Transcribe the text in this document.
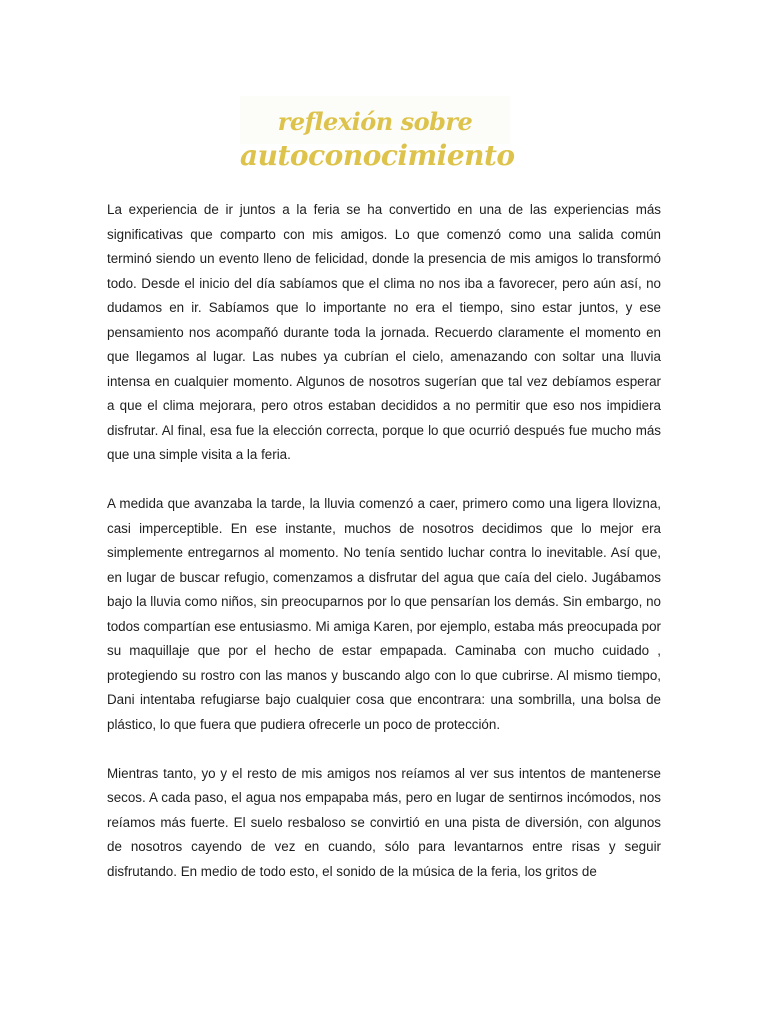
reflexión sobre
autoconocimiento

La experiencia de ir juntos a la feria se ha convertido en una de las experiencias más significativas que comparto con mis amigos. Lo que comenzó como una salida común terminó siendo un evento lleno de felicidad, donde la presencia de mis amigos lo transformó todo. Desde el inicio del día sabíamos que el clima no nos iba a favorecer, pero aún así, no dudamos en ir. Sabíamos que lo importante no era el tiempo, sino estar juntos, y ese pensamiento nos acompañó durante toda la jornada. Recuerdo claramente el momento en que llegamos al lugar. Las nubes ya cubrían el cielo, amenazando con soltar una lluvia intensa en cualquier momento. Algunos de nosotros sugerían que tal vez debíamos esperar a que el clima mejorara, pero otros estaban decididos a no permitir que eso nos impidiera disfrutar. Al final, esa fue la elección correcta, porque lo que ocurrió después fue mucho más que una simple visita a la feria.

A medida que avanzaba la tarde, la lluvia comenzó a caer, primero como una ligera llovizna, casi imperceptible. En ese instante, muchos de nosotros decidimos que lo mejor era simplemente entregarnos al momento. No tenía sentido luchar contra lo inevitable. Así que, en lugar de buscar refugio, comenzamos a disfrutar del agua que caía del cielo. Jugábamos bajo la lluvia como niños, sin preocuparnos por lo que pensarían los demás. Sin embargo, no todos compartían ese entusiasmo. Mi amiga Karen, por ejemplo, estaba más preocupada por su maquillaje que por el hecho de estar empapada. Caminaba con mucho cuidado , protegiendo su rostro con las manos y buscando algo con lo que cubrirse. Al mismo tiempo, Dani intentaba refugiarse bajo cualquier cosa que encontrara: una sombrilla, una bolsa de plástico, lo que fuera que pudiera ofrecerle un poco de protección.

Mientras tanto, yo y el resto de mis amigos nos reíamos al ver sus intentos de mantenerse secos. A cada paso, el agua nos empapaba más, pero en lugar de sentirnos incómodos, nos reíamos más fuerte. El suelo resbaloso se convirtió en una pista de diversión, con algunos de nosotros cayendo de vez en cuando, sólo para levantarnos entre risas y seguir disfrutando. En medio de todo esto, el sonido de la música de la feria, los gritos de
